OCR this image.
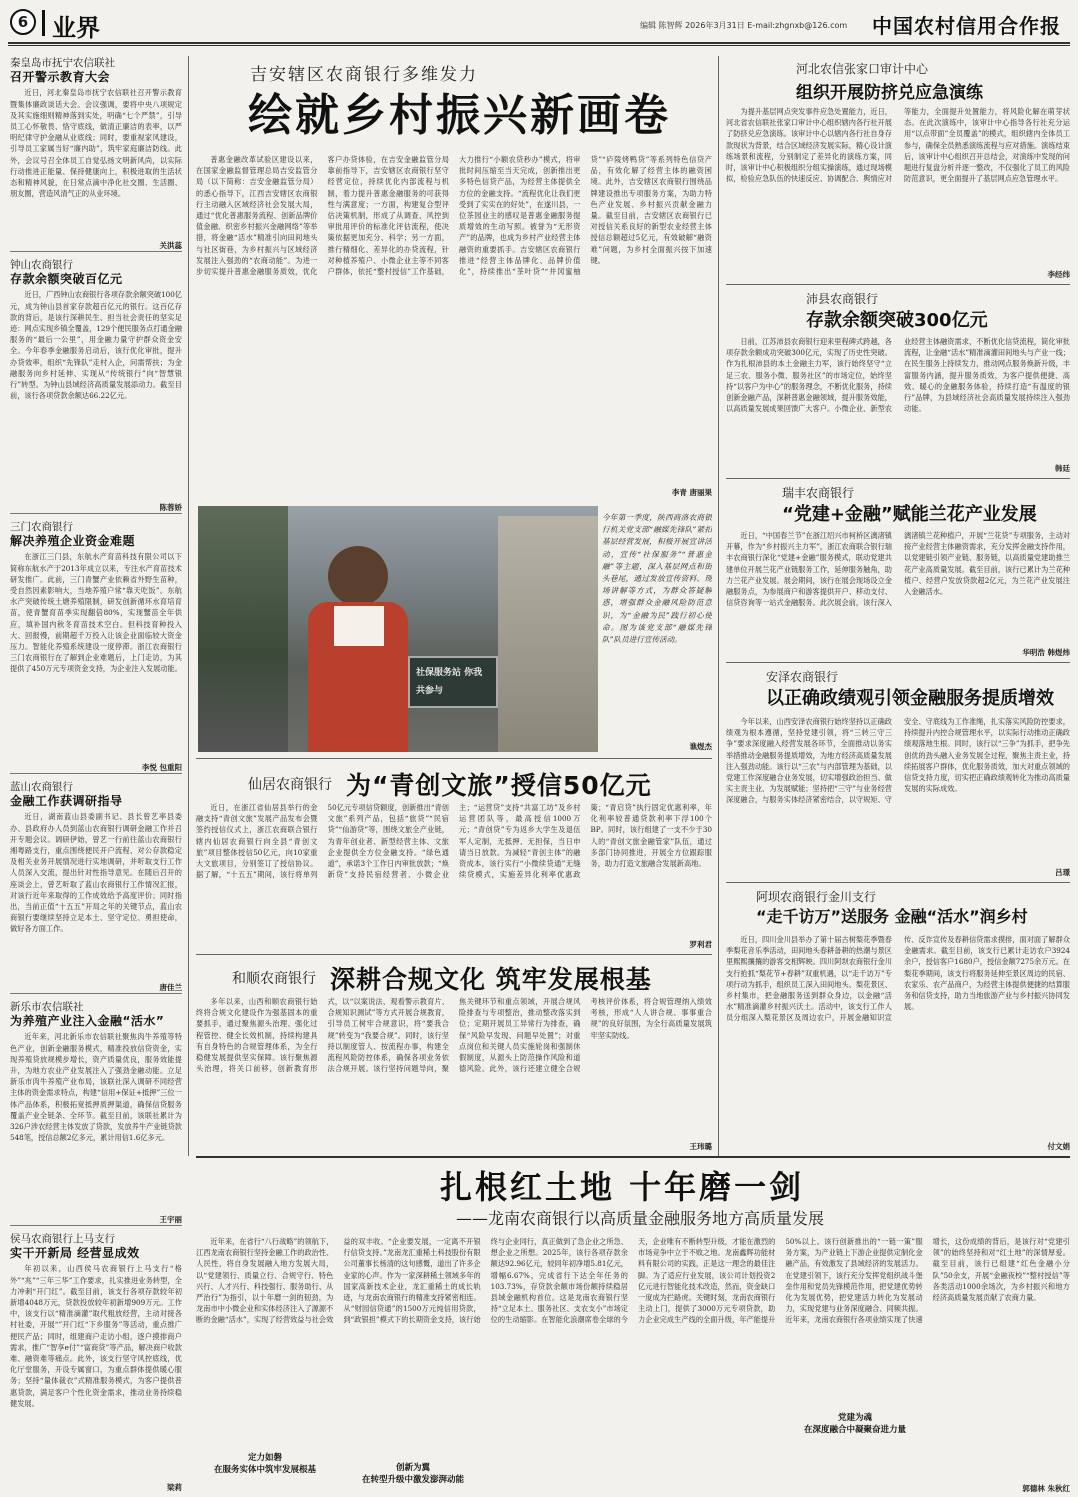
6 业界	编辑 陈智辉 2026年3月31日 E-mail:zhgnxb@126.com 中国农村信用合作报
秦皇岛市抚宁农信联社
召开警示教育大会
近日，河北秦皇岛市抚宁农信联社召开警示教育暨集体廉政谈话大会。会议强调，要将中央八项规定及其实施细则精神落到实处，明确“七个严禁”，引导员工心怀敬畏、恪守底线，做清正廉洁的表率，以严明纪律守护金融从业底线；同时，要重视家风建设，引导员工家属当好“廉内助”，筑牢家庭廉洁防线。此外，会议号召全体员工自觉弘扬文明新风尚，以实际行动推进正能量、保持健康向上，积极进取的生活状态和精神风貌，在日常点滴中净化社交圈、生活圈、朋友圈，营造风清气正的从业环境。
关洪蕊
钟山农商银行
存款余额突破百亿元
近日，广西钟山农商银行各项存款余额突破100亿元，成为钟山县首家存款超百亿元的银行。这百亿存款的背后，是该行深耕民生、担当社会责任的坚实足迹：网点实现乡镇全覆盖，129个便民服务点打通金融服务的“最后一公里”，用金融力量守护群众资金安全。今年春季金融服务启动后，该行优化审批，提升办贷效率，组织“先锋队”走村入企，问需帮扶；为金融服务向乡村延伸、实现从“传统银行”向“智慧银行”转型。为钟山县域经济高质量发展添动力。截至目前，该行各项贷款余额达66.22亿元。
陈蓉娇
三门农商银行
解决养殖企业资金难题
在浙江三门县，东航水产育苗科技有限公司以下简称东航水产于2013年成立以来，专注水产育苗技术研发推广。此前，三门青蟹产业依赖省外野生苗种，受自然因素影响大，当地养殖户常“靠天吃饭”。东航水产突破传统土塘养殖限制，研发创新循环水育培育苗，使青蟹育苗季实现翻倍80%，实现蟹苗全年供应，填补国内秋冬育苗技术空白。但科技育种投入大、回报慢，前期超千万投入让该企业面临较大资金压力。智能化养殖系统建设一度停滞。浙江农商银行三门农商银行在了解到企业难题后，上门走访，为其提供了450万元专项资金支持，为企业注入发展动能。
李悦 包重阳
蓝山农商银行
金融工作获调研指导
近日，湖南蓝山县委副书记、县长曾艺率县委办、县政府办人员到蓝山农商银行调研金融工作并召开专题会议。调研伊始，曾艺一行前往蓝山农商银行湘粤路支行，重点围绕便民开户流程、对公存款稳定及相关业务开展情况进行实地调研，并听取支行工作人员深入交流，提出针对性指导意见。在随后召开的座谈会上，曾艺听取了蓝山农商银行工作情况汇报，对该行近年来取得的工作成效给予高度评价；同时指出，当前正值“十五五”开局之年的关键节点，蓝山农商银行要继续坚持立足本土、坚守定位、勇担使命，做好各方面工作。
唐佳兰
新乐市农信联社
为养殖产业注入金融“活水”
近年来，河北新乐市农信联社聚焦肉牛养殖等特色产业，创新金融服务模式，精准投放信贷资金，实现养殖贷放规模步增长，资产质量优良，服务效能提升，为地方农业产业发展注入了强劲金融动能。立足新乐市肉牛养殖产业布局，该联社深入调研不同经营主体的资金需求特点，构建“信用+保证+抵押”三位一体产品体系，积极拓宽抵押质押渠道，确保信贷服务覆盖产业全链条、全环节。截至目前，该联社累计为326户涉农经营主体发放了贷款，发放养牛产业链贷款548笔，授信总额2亿多元，累计用信1.6亿多元。
王宇丽
侯马农商银行上马支行
实干开新局 经营显成效
年初以来，山西侯马农商银行上马支行“格外”“兆”“三年三华”工作要求，扎实推进业务转型，全力冲刺“开门红”。截至目前，该支行各项存款较年初新增4048万元，贷款投放较年初新增909万元。工作中，该支行以“精准滴灌”取代粗放经营，主动对接各村社委，开展“”开门红“下乡服务”等活动，重点推广便民产品；同时，组建商户走访小组，逐户摸排商户需求，推广“智享e付”“富商贷”等产品，解决商户收款难、融资难等痛点。此外，该支行坚守风控底线，优化厅堂服务，开设专属窗口，为重点群体提供暖心服务；坚持“量体裁衣”式精准服务模式，为客户提供普惠贷款，满足客户个性化资金需求，推动业务持续稳健发展。
梁莉
吉安辖区农商银行多维发力
绘就乡村振兴新画卷

普惠金融改革试验区建设以来，在国家金融监督管理总局吉安监管分局（以下简称：吉安金融监管分局）的悉心指导下，江西吉安辖区农商银行主动融入区域经济社会发展大局，通过“优化普惠服务流程、创新品牌价值金融、织密乡村振兴金融网络”等举措，将金融“活水”精准引向田间地头与社区街巷，为乡村振兴与区域经济发展注入强劲的“农商动能”。为进一步切实提升普惠金融服务质效，优化客户办贷体验，在吉安金融监管分局靠前指导下，吉安辖区农商银行坚守经营定位，持续优化内部流程与机制，着力提升普惠金融服务的可获得性与满意度；一方面，构建复合型评估决策机制，形成了从调查、风控到审批用评价的标准化评估流程，使决策依据更加充分、科学；另一方面，推行精细化、差异化的办贷流程，针对种植养殖户、小微企业主等不同客户群体，依托“整村授信”工作基础，大力推行“小额农贷秒办”模式，将审批时间压缩至当天完成，创新推出更多特色信贷产品，为经营主体提供全方位的金融支持。“流程优化让我们更受到了实实在的好处”，在遂川县，一位茶园业主的感叹是普惠金融服务提质增效的生动写照。被誉为“无形资产”的品牌，也成为乡村产业经营主体融资的重要抓手。吉安辖区农商银行推进“经营主体品牌化、品牌价值化”，持续推出“茶叶贷”“井冈蜜柚贷”“庐陵烤鸭贷”等系列特色信贷产品，有效化解了经营主体的融资困境。此外，吉安辖区农商银行围绕品牌建设推出专项服务方案，为助力特色产业发展、乡村振兴贡献金融力量。截至目前，吉安辖区农商银行已对授信关系良好的新型农业经营主体授信总额超过5亿元，有效破解“融资难”问题，为乡村全面振兴按下加速键。

李青 唐丽果
社保服务站 你我共参与
今年第一季度，陕西商洛农商银行机关党支部“融媒先锋队”紧扣基层经营发展，积极开展宣讲活动，宣传“社保服务”“普惠金融”等主题，深入基层网点和街头巷尾，通过发放宣传资料、现场讲解等方式，为群众答疑解惑，增强群众金融风险防范意识，为“金融为民”践行初心使命。图为该党支部“融媒先锋队”队员进行宣传活动。
谯煜杰
仙居农商银行 为“青创文旅”授信50亿元

近日，在浙江省仙居县举行的金融支持“青创文旅”发展产品发布会暨签约授信仪式上，浙江农商联合银行辖内仙居农商银行向全县“青创文旅”项目整体授信50亿元，向10家重大文旅项目，分别签订了授信协议。据了解，“十五五”期间，该行将单列50亿元专项信贷额度，创新推出“青创文旅”系列产品，包括“旅贷”“民宿贷”“仙游贷”等，围绕文旅全产业链，为青年创业者、新型经营主体、文旅企业提供全方位金融支持。“绿色通道”，承诺3个工作日内审批放款；“焕新贷”支持民宿经营者、小微企业主；“运营贷”支持“共富工坊”及乡村运营团队等，最高授信1000万元；“青创贷”专为返乡大学生及退伍军人定制，无抵押、无担保，当日申请当日放款。为减轻“青创主体”的融资成本，该行实行“小微续贷通”无缝续贷模式，实施差异化利率优惠政策；“青启贷”执行固定优惠利率，年化利率较普通贷款利率下浮100个BP。同时，该行组建了一支不少于30人的“青创文旅金融管家”队伍，通过多部门协同推进，开展全方位跟踪服务，助力打造文旅融合发展新高地。

罗利君
和顺农商银行 深耕合规文化 筑牢发展根基

多年以来，山西和顺农商银行始终将合规文化建设作为强基固本的重要抓手，通过聚焦源头治理、强化过程管控、健全长效机制，持续构建具有自身特色的合规管理体系，为全行稳健发展提供坚实保障。该行聚焦源头治理，将关口前移，创新教育形式，以“以案说法、观看警示教育片、合规知识测试”等方式开展合规教育，引导员工树牢合规意识，将“要我合规”转变为“我要合规”。同时，该行坚持以制度管人、按流程办事，构建全流程风险防控体系，确保各项业务依法合规开展。该行坚持问题导向，聚焦关键环节和重点领域，开展合规风险排查与专项整治，推动整改落实到位；定期开展员工异常行为排查，确保“风险早发现、问题早处置”；对重点岗位和关键人员实施轮岗和强制休假制度，从源头上防范操作风险和道德风险。此外，该行还建立健全合规考核评价体系，将合规管理纳入绩效考核，形成“人人讲合规、事事重合规”的良好氛围，为全行高质量发展筑牢坚实防线。

王玮璐
河北农信张家口审计中心
组织开展防挤兑应急演练

为提升基层网点突发事件应急处置能力，近日，河北省农信联社张家口审计中心组织辖内各行社开展了防挤兑应急演练。该审计中心以辖内各行社自身存款现状为背景，结合区域经济发展实际，精心设计演练场景和流程，分别制定了差异化的演练方案，同时，该审计中心积极组织分组实操演练，通过现场模拟，检验应急队伍的快速反应、协调配合、舆情应对等能力，全面提升处置能力，将风险化解在萌芽状态。在此次演练中，该审计中心指导各行社充分运用“以点带面”全员覆盖”的模式，组织辖内全体员工参与，确保全员熟悉演练流程与应对措施。演练结束后，该审计中心组织召开总结会，对演练中发现的问题进行复盘分析并逐一整改，不仅强化了员工的风险防范意识，更全面提升了基层网点应急管理水平。

李经纬
沛县农商银行
存款余额突破300亿元

日前，江苏沛县农商银行迎来里程碑式跨越，各项存款余额成功突破300亿元，实现了历史性突破。作为扎根沛县的本土金融主力军，该行始终坚守“立足三农、服务小微、服务社区”的市场定位，始终坚持“以客户为中心”的服务理念，不断优化服务，持续创新金融产品，深耕普惠金融领域，提升服务效能，以高质量发展成果回馈广大客户。小微企业、新型农业经营主体融资需求，不断优化信贷流程，简化审批流程，让金融“活水”精准滴灌田间地头与产业一线；在民生服务上持续发力，推动网点服务焕新升级，丰富服务内涵，提升服务质效，为客户提供便捷、高效、暖心的金融服务体验，持续打造“有温度的银行”品牌，为县域经济社会高质量发展持续注入强劲动能。

韩廷
瑞丰农商银行
“党建+金融”赋能兰花产业发展

近日，“中国春兰节”在浙江绍兴市柯桥区漓渚镇开幕，作为“乡村振兴主力军”，浙江农商联合银行瑞丰农商银行深化“党建+金融”服务模式，联动党建共建单位开展兰花产业链服务工作，延伸服务触角，助力兰花产业发展。展会期间，该行在展会现场设立金融服务点，为参展商户和游客提供开户、移动支付、信贷咨询等一站式金融服务。此次展会前，该行深入漓渚镇兰花种植户，开展“兰花贷”专项服务，主动对接产业经营主体融资需求，充分发挥金融支持作用，以党建链引领产业链、服务链，以高质量党建助推兰花产业高质量发展。截至目前，该行已累计为兰花种植户、经营户发放贷款超2亿元，为兰花产业发展注入金融活水。

华明浩 韩煜炜
安泽农商银行
以正确政绩观引领金融服务提质增效

今年以来，山西安泽农商银行始终坚持以正确政绩观为根本遵循，坚持党建引领，将“三转三守三争”要求深度融入经营发展各环节，全面推动以务实举措推动金融服务提质增效，为地方经济高质量发展注入强劲动能。该行以“三农”与内部管理为基础，以党建工作深度融合业务发展，切实增强政治担当、做实主责主业、为发展赋能；坚持把“三守”与业务经营深度融合，与服务实体经济紧密结合，以守规矩、守安全、守底线为工作准绳，扎实落实风险防控要求，持续提升内控合规管理水平，以实际行动推动正确政绩观落地生根。同时，该行以“三争”为抓手，把争先创优的劲头融入业务发展全过程，聚焦主责主业，持续拓展客户群体，优化服务质效，加大对重点领域的信贷支持力度，切实把正确政绩观转化为推动高质量发展的实际成效。

吕璟
阿坝农商银行金川支行
“走千访万”送服务 金融“活水”润乡村

近日，四川金川县举办了第十届古树梨花季暨春季梨花音乐季活动，田间地头春耕备耕的热潮与景区里熙熙攘攘的游客交相辉映。四川阿坝农商银行金川支行抢抓“梨花节+春耕”双重机遇，以“走千访万”专项行动为抓手，组织员工深入田间地头、梨花景区、乡村集市，把金融服务送到群众身边，以金融“活水”精准滴灌乡村振兴沃土。活动中，该支行工作人员分组深入梨花景区及周边农户，开展金融知识宣传、反诈宣传及春耕信贷需求摸排，面对面了解群众金融需求。截至目前，该支行已累计走访农户3924余户，授信客户1680户，授信金额7275余万元。在梨花季期间，该支行将服务延伸至景区周边的民宿、农家乐、农产品商户，为经营主体提供便捷的结算服务和信贷支持，助力当地旅游产业与乡村振兴协同发展。

付文娟
扎根红土地 十年磨一剑
——龙南农商银行以高质量金融服务地方高质量发展

近年来，在省行“八行战略”的领航下，江西龙南农商银行坚持金融工作的政治性、人民性，将自身发展融入地方发展大局，以“党建领行、质量立行、合规守行、特色兴行、人才兴行、科技强行、服务助行、从严治行”为指引，以十年磨一剑的韧劲，为龙南市中小微企业和实体经济注入了源源不断的金融“活水”，实现了经营效益与社会效益的双丰收。“企业要发展，一定离不开银行信贷支持。”龙南龙汇重稀土科技股份有限公司董事长杨清的这句感慨，道出了许多企业家的心声。作为一家深耕稀土领域多年的国家高新技术企业，龙汇重稀土的成长轨迹，与龙南农商银行的精准支持紧密相连。从“财园信贷通”的1500万元纯信用贷款，到“政银担”模式下的长期资金支持，该行始终与企业同行，真正做到了急企业之所急、想企业之所想。2025年，该行各项存款余额达92.96亿元，较同年初净增5.81亿元，增幅6.67%，完成省行下达全年任务的103.73%，存贷款余额市场份额持续稳居县域金融机构首位。这是龙南农商银行坚持“立足本土、服务社区、支农支小”市场定位的生动缩影。在智能化浪潮席卷全球的今天，企业唯有不断转型升级，才能在激烈的市场竞争中立于不败之地。龙南鑫辉功能材料有限公司的实践，正是这一理念的最佳注脚。为了适应行业发展，该公司计划投资2亿元进行智能化技术改造，然而，资金缺口一度成为拦路虎。关键时刻，龙南农商银行主动上门，提供了3000万元专项贷款，助力企业完成生产线的全面升级，年产能提升50%以上。该行创新推出的“一链一策”服务方案，为产业链上下游企业提供定制化金融产品，有效激发了县域经济的发展活力。在党建引领下，该行充分发挥党组织战斗堡垒作用和党员先锋模范作用，把党建优势转化为发展优势，把党建活力转化为发展动力，实现党建与业务深度融合、同频共振。近年来，龙南农商银行各项业绩实现了快速增长，这份成绩的背后，是该行对“党建引领”的始终坚持和对“红土地”的深情厚爱。截至目前，该行已组建“红色金融小分队”50余支，开展“金融夜校”“整村授信”等各类活动1000余场次，为乡村振兴和地方经济高质量发展贡献了农商力量。

定力如磐
在服务实体中筑牢发展根基	创新为翼
在转型升级中激发澎湃动能
党建为魂
在深度融合中凝聚奋进力量
郭德林 朱秋红
